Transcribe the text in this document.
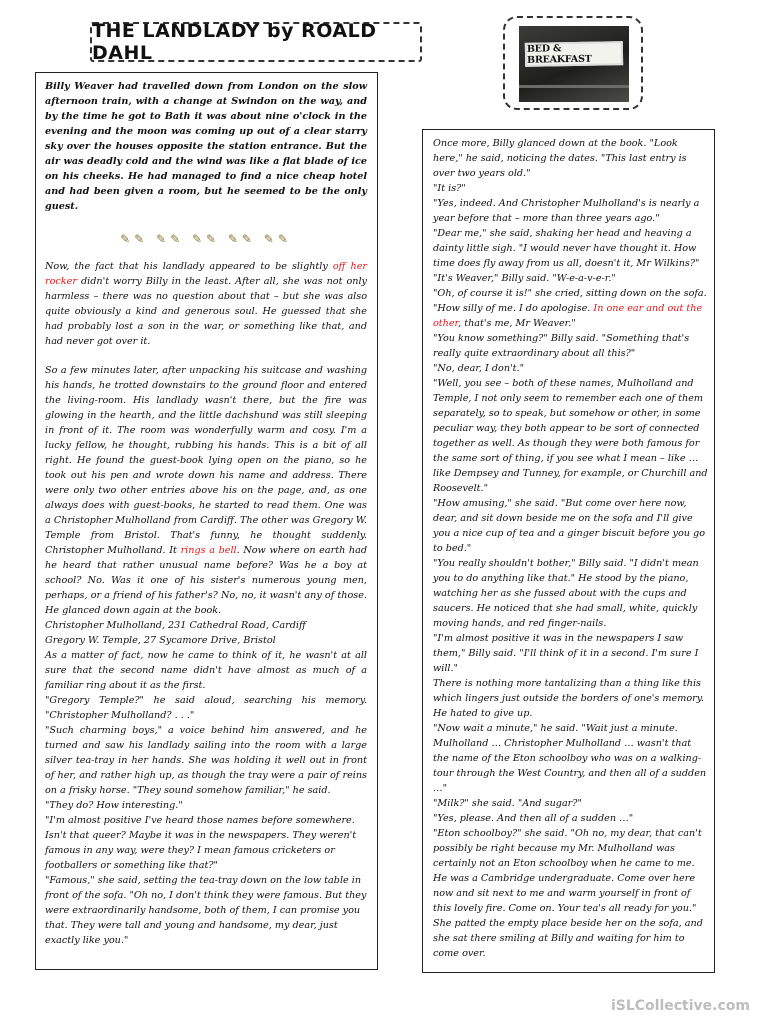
THE LANDLADY by ROALD DAHL	BED & BREAKFAST

Billy Weaver had travelled down from London on the slow afternoon train, with a change at Swindon on the way, and by the time he got to Bath it was about nine o'clock in the evening and the moon was coming up out of a clear starry sky over the houses opposite the station entrance. But the air was deadly cold and the wind was like a flat blade of ice on his cheeks. He had managed to find a nice cheap hotel and had been given a room, but he seemed to be the only guest.

✎✎ ✎✎ ✎✎ ✎✎ ✎✎

Now, the fact that his landlady appeared to be slightly off her rocker didn't worry Billy in the least. After all, she was not only harmless – there was no question about that – but she was also quite obviously a kind and generous soul. He guessed that she had probably lost a son in the war, or something like that, and had never got over it.

So a few minutes later, after unpacking his suitcase and washing his hands, he trotted downstairs to the ground floor and entered the living-room. His landlady wasn't there, but the fire was glowing in the hearth, and the little dachshund was still sleeping in front of it. The room was wonderfully warm and cosy. I'm a lucky fellow, he thought, rubbing his hands. This is a bit of all right. He found the guest-book lying open on the piano, so he took out his pen and wrote down his name and address. There were only two other entries above his on the page, and, as one always does with guest-books, he started to read them. One was a Christopher Mulholland from Cardiff. The other was Gregory W. Temple from Bristol. That's funny, he thought suddenly. Christopher Mulholland. It rings a bell. Now where on earth had he heard that rather unusual name before? Was he a boy at school? No. Was it one of his sister's numerous young men, perhaps, or a friend of his father's? No, no, it wasn't any of those. He glanced down again at the book.

Christopher Mulholland, 231 Cathedral Road, Cardiff

Gregory W. Temple, 27 Sycamore Drive, Bristol

As a matter of fact, now he came to think of it, he wasn't at all sure that the second name didn't have almost as much of a familiar ring about it as the first.

"Gregory Temple?" he said aloud, searching his memory. "Christopher Mulholland? . . ."

"Such charming boys," a voice behind him answered, and he turned and saw his landlady sailing into the room with a large silver tea-tray in her hands. She was holding it well out in front of her, and rather high up, as though the tray were a pair of reins on a frisky horse. "They sound somehow familiar," he said.

"They do? How interesting."

"I'm almost positive I've heard those names before somewhere. Isn't that queer? Maybe it was in the newspapers. They weren't famous in any way, were they? I mean famous cricketers or footballers or something like that?"

"Famous," she said, setting the tea-tray down on the low table in front of the sofa. "Oh no, I don't think they were famous. But they were extraordinarily handsome, both of them, I can promise you that. They were tall and young and handsome, my dear, just exactly like you."

Once more, Billy glanced down at the book. "Look here," he said, noticing the dates. "This last entry is over two years old."

"It is?"

"Yes, indeed. And Christopher Mulholland's is nearly a year before that – more than three years ago."

"Dear me," she said, shaking her head and heaving a dainty little sigh. "I would never have thought it. How time does fly away from us all, doesn't it, Mr Wilkins?"

"It's Weaver," Billy said. "W-e-a-v-e-r."

"Oh, of course it is!" she cried, sitting down on the sofa. "How silly of me. I do apologise. In one ear and out the other, that's me, Mr Weaver."

"You know something?" Billy said. "Something that's really quite extraordinary about all this?"

"No, dear, I don't."

"Well, you see – both of these names, Mulholland and Temple, I not only seem to remember each one of them separately, so to speak, but somehow or other, in some peculiar way, they both appear to be sort of connected together as well. As though they were both famous for the same sort of thing, if you see what I mean – like … like Dempsey and Tunney, for example, or Churchill and Roosevelt."

"How amusing," she said. "But come over here now, dear, and sit down beside me on the sofa and I'll give you a nice cup of tea and a ginger biscuit before you go to bed."

"You really shouldn't bother," Billy said. "I didn't mean you to do anything like that." He stood by the piano, watching her as she fussed about with the cups and saucers. He noticed that she had small, white, quickly moving hands, and red finger-nails.

"I'm almost positive it was in the newspapers I saw them," Billy said. "I'll think of it in a second. I'm sure I will."

There is nothing more tantalizing than a thing like this which lingers just outside the borders of one's memory. He hated to give up.

"Now wait a minute," he said. "Wait just a minute. Mulholland … Christopher Mulholland … wasn't that the name of the Eton schoolboy who was on a walking-tour through the West Country, and then all of a sudden …"

"Milk?" she said. "And sugar?"

"Yes, please. And then all of a sudden …"

"Eton schoolboy?" she said. "Oh no, my dear, that can't possibly be right because my Mr. Mulholland was certainly not an Eton schoolboy when he came to me. He was a Cambridge undergraduate. Come over here now and sit next to me and warm yourself in front of this lovely fire. Come on. Your tea's all ready for you." She patted the empty place beside her on the sofa, and she sat there smiling at Billy and waiting for him to come over.

iSLCollective.com
